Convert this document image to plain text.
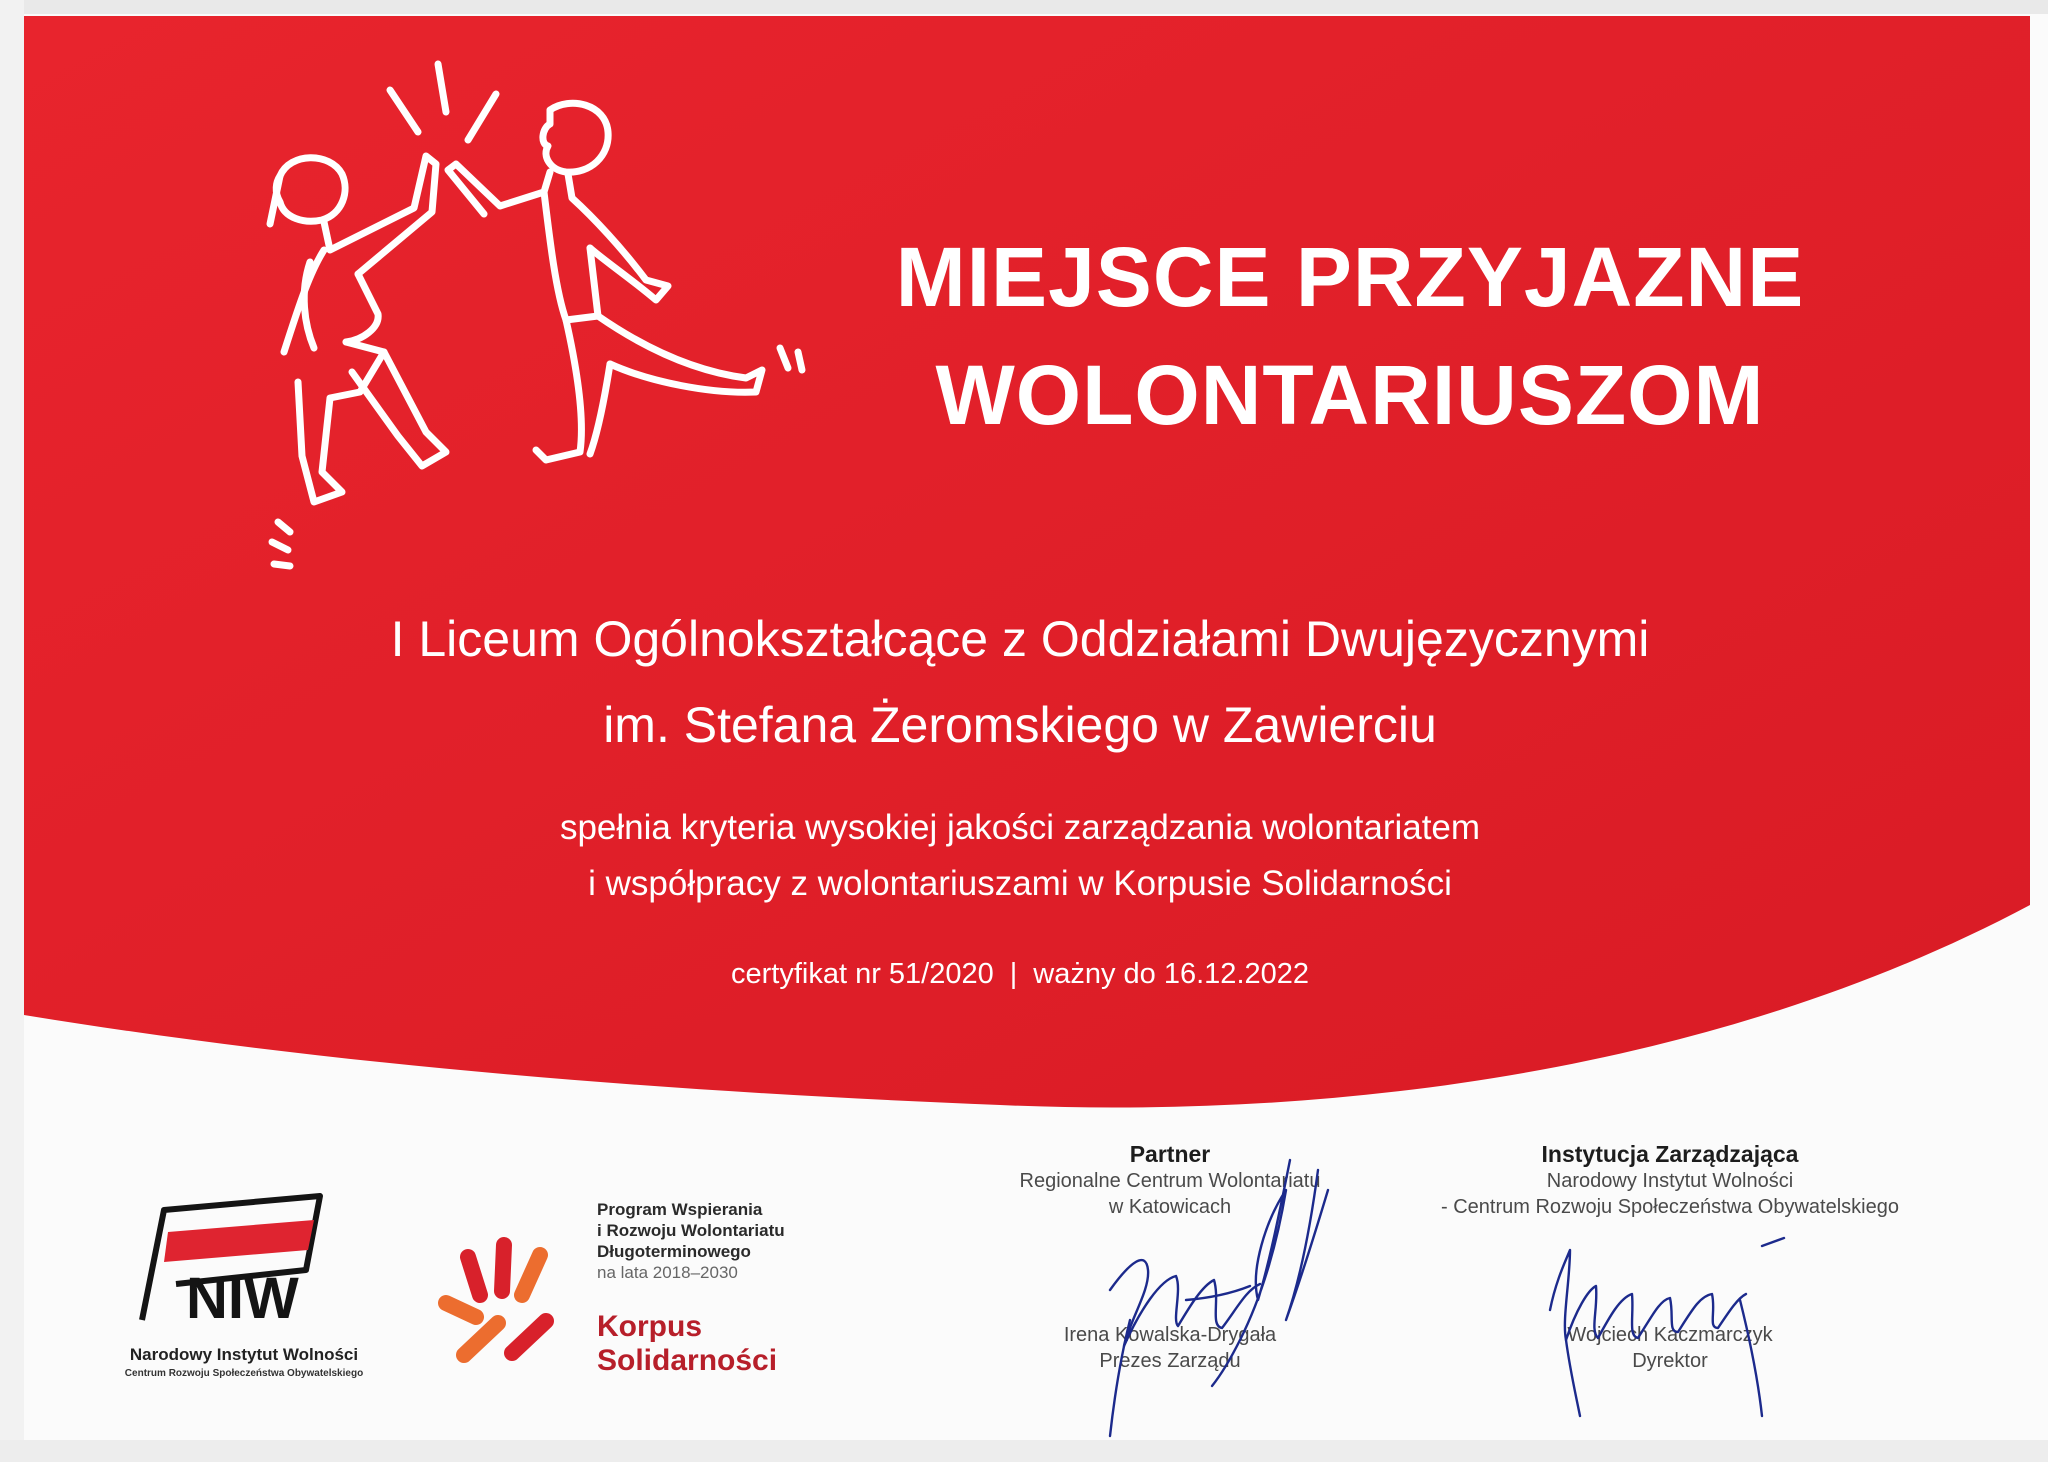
MIEJSCE PRZYJAZNE
WOLONTARIUSZOM
I Liceum Ogólnokształcące z Oddziałami Dwujęzycznymi
im. Stefana Żeromskiego w Zawierciu
spełnia kryteria wysokiej jakości zarządzania wolontariatem
i współpracy z wolontariuszami w Korpusie Solidarności
certyfikat nr 51/2020 | ważny do 16.12.2022
NIW
Narodowy Instytut Wolności
Centrum Rozwoju Społeczeństwa Obywatelskiego
Program Wspierania
i Rozwoju Wolontariatu
Długoterminowego
na lata 2018–2030
Korpus
Solidarności
Partner
Regionalne Centrum Wolontariatu
w Katowicach
Irena Kowalska-Drygała
Prezes Zarządu
Instytucja Zarządzająca
Narodowy Instytut Wolności
- Centrum Rozwoju Społeczeństwa Obywatelskiego
Wojciech Kaczmarczyk
Dyrektor
